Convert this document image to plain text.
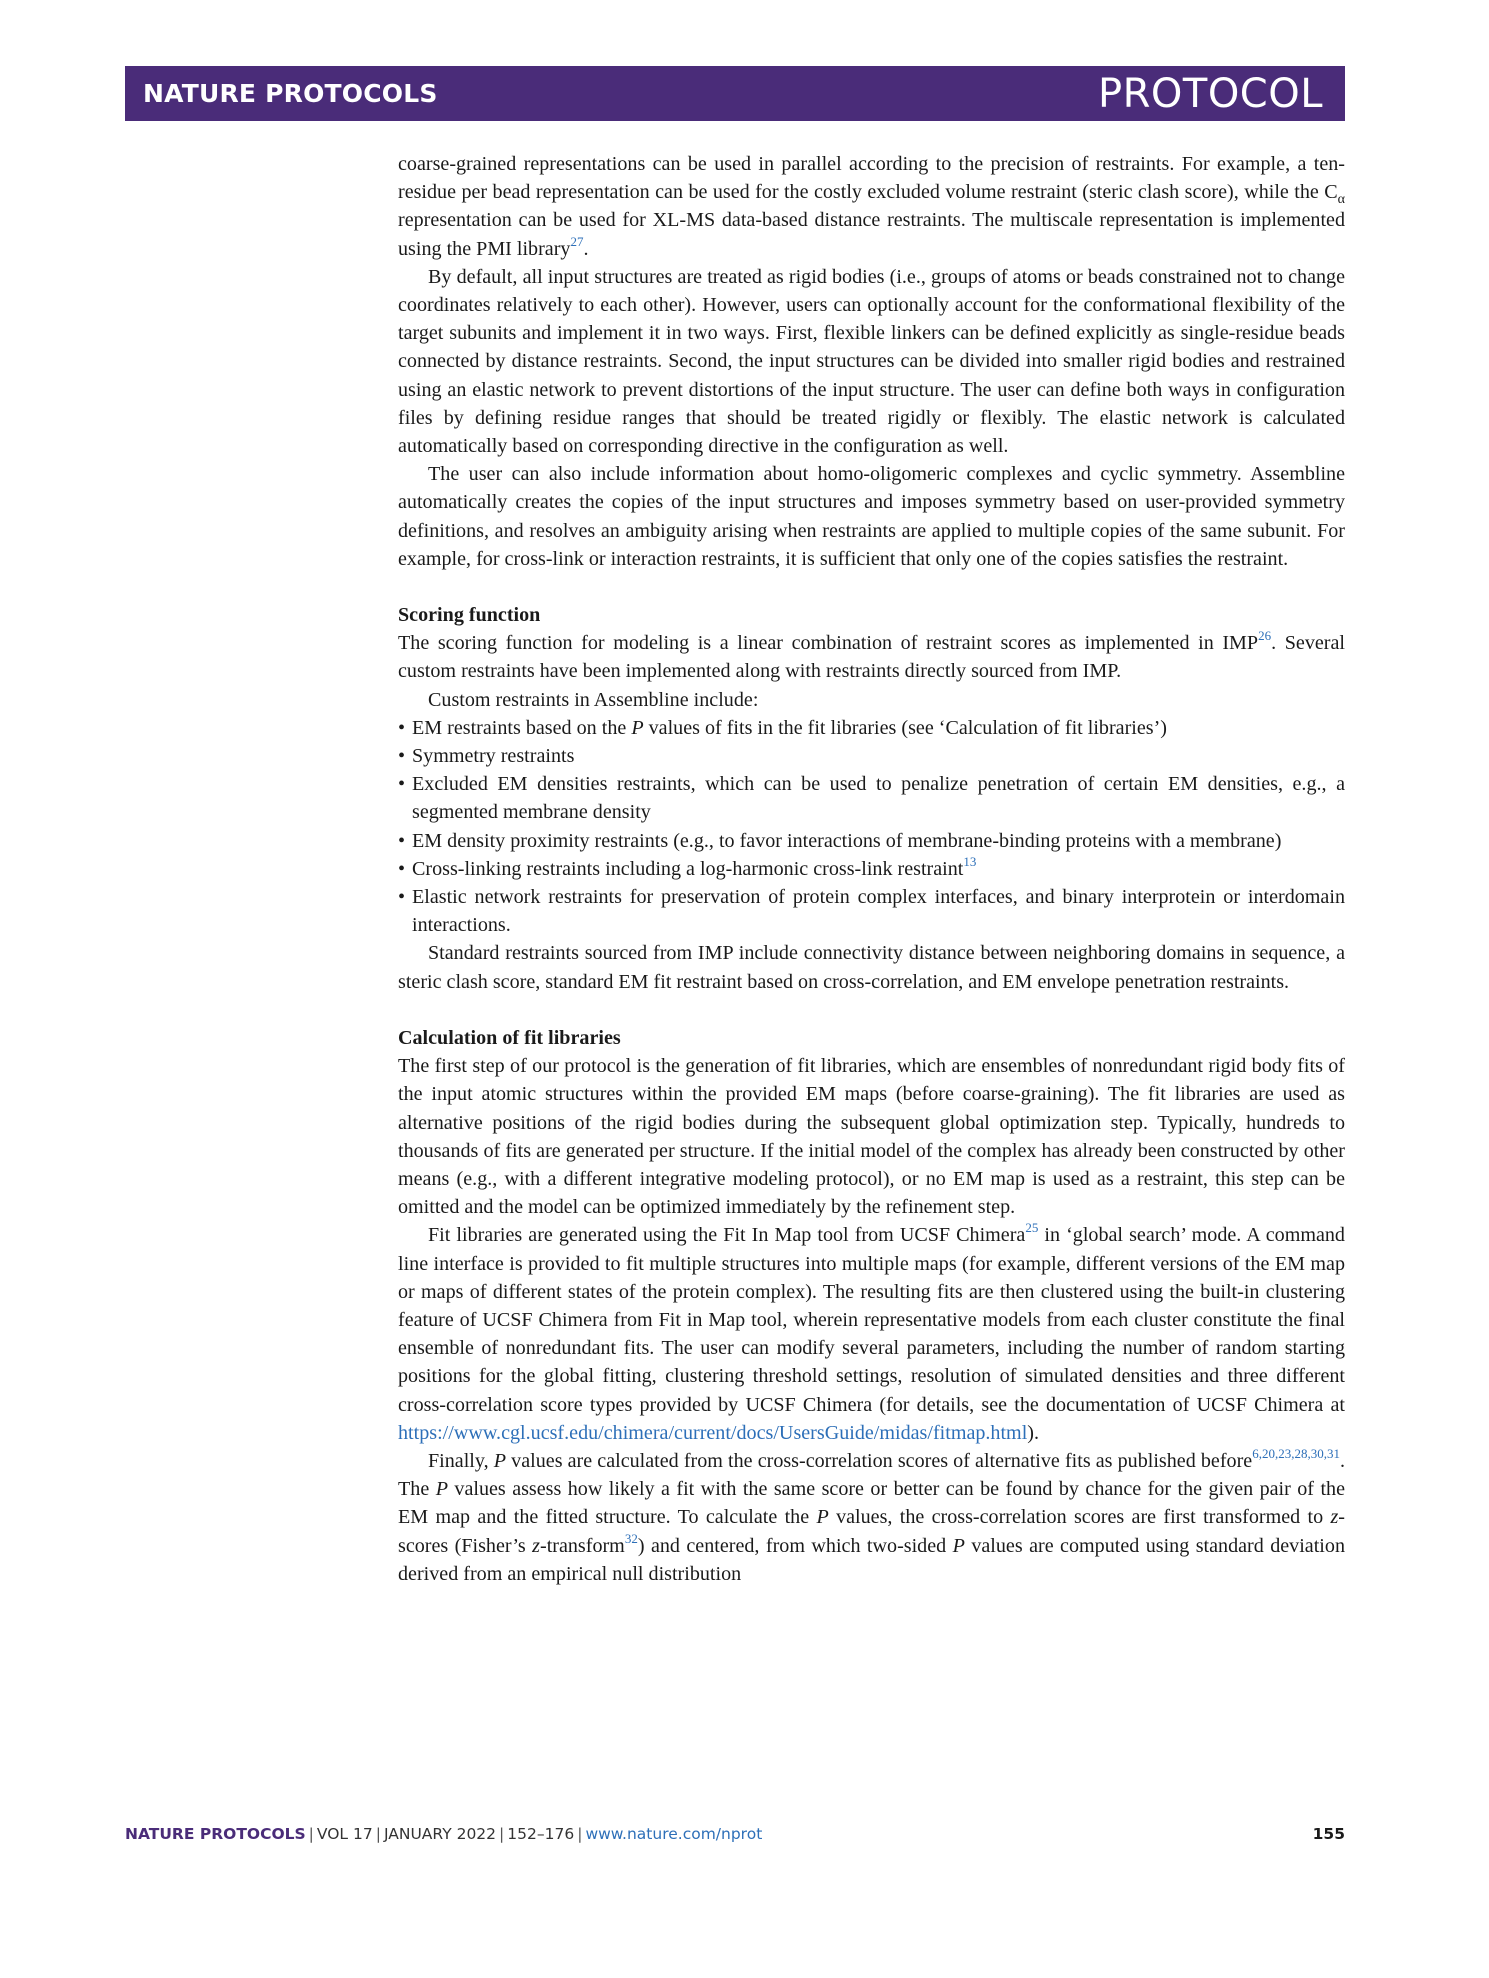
NATURE PROTOCOLS	PROTOCOL

coarse-grained representations can be used in parallel according to the precision of restraints. For example, a ten-residue per bead representation can be used for the costly excluded volume restraint (steric clash score), while the $C_\alpha$ representation can be used for XL-MS data-based distance restraints. The multiscale representation is implemented using the PMI library$^{27}$.

By default, all input structures are treated as rigid bodies (i.e., groups of atoms or beads constrained not to change coordinates relatively to each other). However, users can optionally account for the conformational flexibility of the target subunits and implement it in two ways. First, flexible linkers can be defined explicitly as single-residue beads connected by distance restraints. Second, the input structures can be divided into smaller rigid bodies and restrained using an elastic network to prevent distortions of the input structure. The user can define both ways in configuration files by defining residue ranges that should be treated rigidly or flexibly. The elastic network is calculated automatically based on corresponding directive in the configuration as well.

The user can also include information about homo-oligomeric complexes and cyclic symmetry. Assembline automatically creates the copies of the input structures and imposes symmetry based on user-provided symmetry definitions, and resolves an ambiguity arising when restraints are applied to multiple copies of the same subunit. For example, for cross-link or interaction restraints, it is sufficient that only one of the copies satisfies the restraint.

Scoring function

The scoring function for modeling is a linear combination of restraint scores as implemented in IMP$^{26}$. Several custom restraints have been implemented along with restraints directly sourced from IMP.

Custom restraints in Assembline include:

• EM restraints based on the P values of fits in the fit libraries (see ‘Calculation of fit libraries’)
• Symmetry restraints
• Excluded EM densities restraints, which can be used to penalize penetration of certain EM densities, e.g., a segmented membrane density
• EM density proximity restraints (e.g., to favor interactions of membrane-binding proteins with a membrane)
• Cross-linking restraints including a log-harmonic cross-link restraint$^{13}$
• Elastic network restraints for preservation of protein complex interfaces, and binary interprotein or interdomain interactions.

Standard restraints sourced from IMP include connectivity distance between neighboring domains in sequence, a steric clash score, standard EM fit restraint based on cross-correlation, and EM envelope penetration restraints.

Calculation of fit libraries

The first step of our protocol is the generation of fit libraries, which are ensembles of nonredundant rigid body fits of the input atomic structures within the provided EM maps (before coarse-graining). The fit libraries are used as alternative positions of the rigid bodies during the subsequent global optimization step. Typically, hundreds to thousands of fits are generated per structure. If the initial model of the complex has already been constructed by other means (e.g., with a different integrative modeling protocol), or no EM map is used as a restraint, this step can be omitted and the model can be optimized immediately by the refinement step.

Fit libraries are generated using the Fit In Map tool from UCSF Chimera$^{25}$ in ‘global search’ mode. A command line interface is provided to fit multiple structures into multiple maps (for example, different versions of the EM map or maps of different states of the protein complex). The resulting fits are then clustered using the built-in clustering feature of UCSF Chimera from Fit in Map tool, wherein representative models from each cluster constitute the final ensemble of nonredundant fits. The user can modify several parameters, including the number of random starting positions for the global fitting, clustering threshold settings, resolution of simulated densities and three different cross-correlation score types provided by UCSF Chimera (for details, see the documentation of UCSF Chimera at https://www.cgl.ucsf.edu/chimera/current/docs/UsersGuide/midas/fitmap.html).

Finally, P values are calculated from the cross-correlation scores of alternative fits as published before$^{6,20,23,28,30,31}$. The P values assess how likely a fit with the same score or better can be found by chance for the given pair of the EM map and the fitted structure. To calculate the P values, the cross-correlation scores are first transformed to z-scores (Fisher’s z-transform$^{32}$) and centered, from which two-sided P values are computed using standard deviation derived from an empirical null distribution

NATURE PROTOCOLS | VOL 17 | JANUARY 2022 | 152–176 | www.nature.com/nprot	155
